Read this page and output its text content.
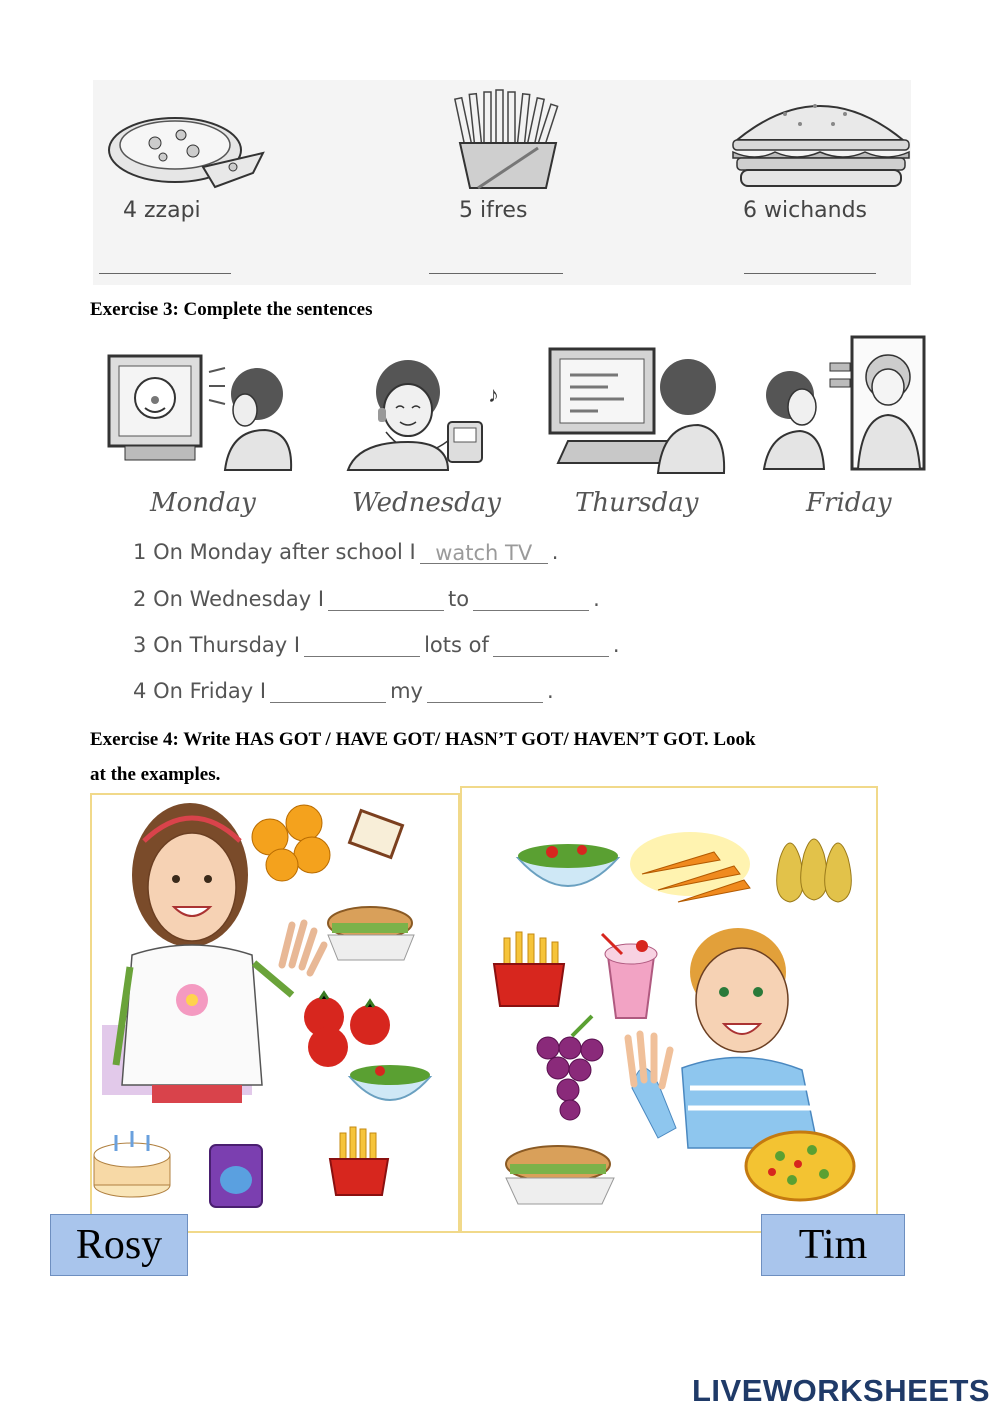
4 zzapi	5 ifres	6 wichands
Exercise 3: Complete the sentences
♪
Monday	Wednesday	Thursday	Friday
1
On Monday after school I watch TV .
2
On Wednesday I	to	.
3
On Thursday I	lots of	.
4
On Friday I	my	.
Exercise 4: Write HAS GOT / HAVE GOT/ HASN’T GOT/ HAVEN’T GOT. Look
at the examples.
Rosy	Tim
LIVEWORKSHEETS
